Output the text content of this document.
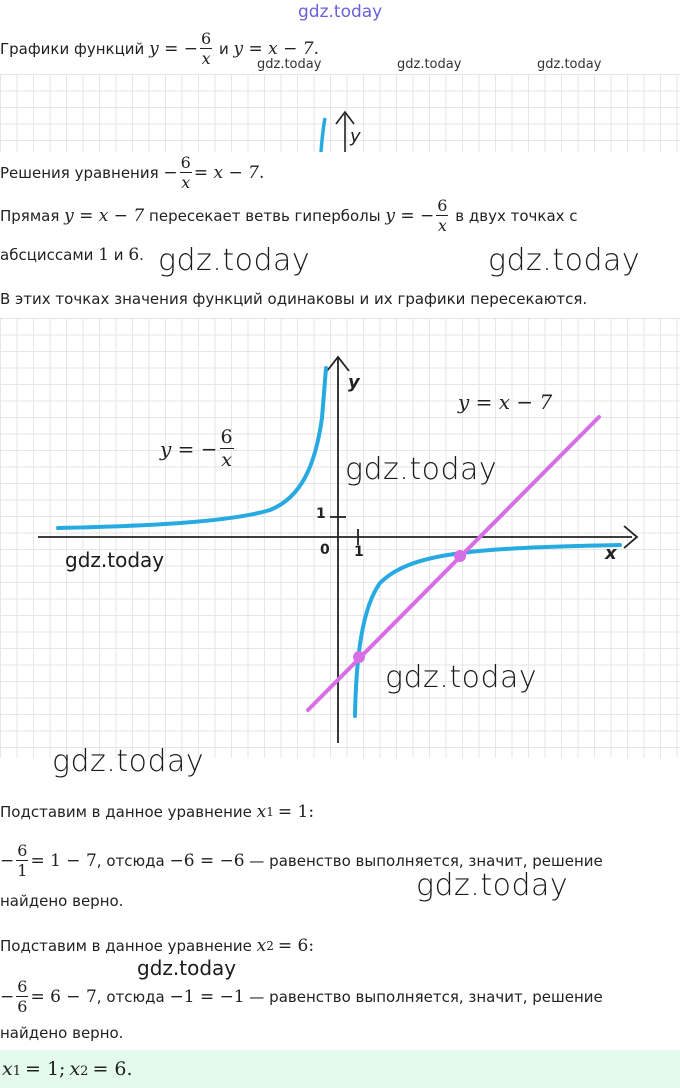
gdz.today
Графики функций
y = − $\frac{6}{x}$
и
y = x − 7 .
gdz.today	gdz.today	gdz.today
y
Решения уравнения
− $\frac{6}{x} = x - 7$ .
Прямая
y = x − 7
пересекает ветвь гиперболы
y = − $\frac{6}{x}$
в двух точках с
абсциссами
1
и
6 . gdz.today	gdz.today
В этих точках значения функций одинаковы и их графики пересекаются.
y
x
0 1
1
y = − $\frac{6}{x}$
y = x − 7
gdz.today
gdz.today
gdz.today
gdz.today
Подставим в данное уравнение
x 1 = 1:
− $\frac{6}{1} = 1 - 7$ , отсюда
−6 = −6
— равенство выполняется, значит, решение
найдено верно.	gdz.today
Подставим в данное уравнение
x 2 = 6:
gdz.today
− $\frac{6}{6} = 6 - 7$ , отсюда
−1 = −1
— равенство выполняется, значит, решение
найдено верно.
x 1 = 1; x 2 = 6.
